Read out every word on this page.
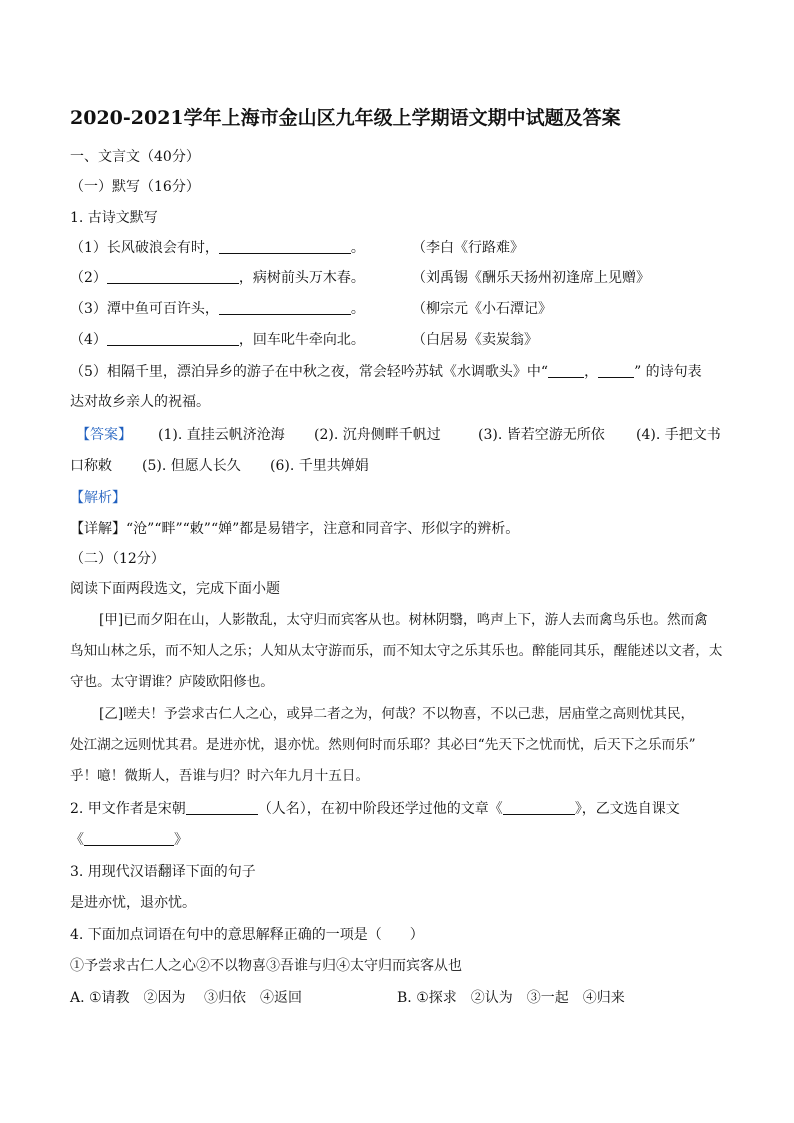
2020-2021学年上海市金山区九年级上学期语文期中试题及答案
一、文言文（40分）
（一）默写（16分）
1. 古诗文默写
（1）长风破浪会有时，	。	（李白《行路难》
（2）	，病树前头万木春。	（刘禹锡《酬乐天扬州初逢席上见赠》
（3）潭中鱼可百许头，	。	（柳宗元《小石潭记》
（4）	，回车叱牛牵向北。	（白居易《卖炭翁》
（5）相隔千里，漂泊异乡的游子在中秋之夜，常会轻吟苏轼《水调歌头》中“	，	” 的诗句表
达对故乡亲人的祝福。
【答案】 (1). 直挂云帆济沧海 (2). 沉舟侧畔千帆过	(3). 皆若空游无所依 (4). 手把文书
口称敕 (5). 但愿人长久 (6). 千里共婵娟
【解析】
【详解】“沧”“畔”“敕”“婵”都是易错字，注意和同音字、形似字的辨析。
（二）（12分）
阅读下面两段选文，完成下面小题
[甲]已而夕阳在山，人影散乱，太守归而宾客从也。树林阴翳，鸣声上下，游人去而禽鸟乐也。然而禽
鸟知山林之乐，而不知人之乐；人知从太守游而乐，而不知太守之乐其乐也。醉能同其乐，醒能述以文者，太
守也。太守谓谁？庐陵欧阳修也。
[乙]嗟夫！予尝求古仁人之心，或异二者之为，何哉？不以物喜，不以己悲，居庙堂之高则忧其民，
处江湖之远则忧其君。是进亦忧，退亦忧。然则何时而乐耶？其必曰“先天下之忧而忧，后天下之乐而乐”
乎！噫！微斯人，吾谁与归？时六年九月十五日。
2. 甲文作者是宋朝	（人名），在初中阶段还学过他的文章《	》，乙文选自课文
《	》
3. 用现代汉语翻译下面的句子
是进亦忧，退亦忧。
4. 下面加点词语在句中的意思解释正确的一项是（　　）
①予尝求古仁人之心②不以物喜③吾谁与归④太守归而宾客从也
A. ①请教　②因为　 ③归依　④返回	B. ①探求　②认为　③一起　④归来
